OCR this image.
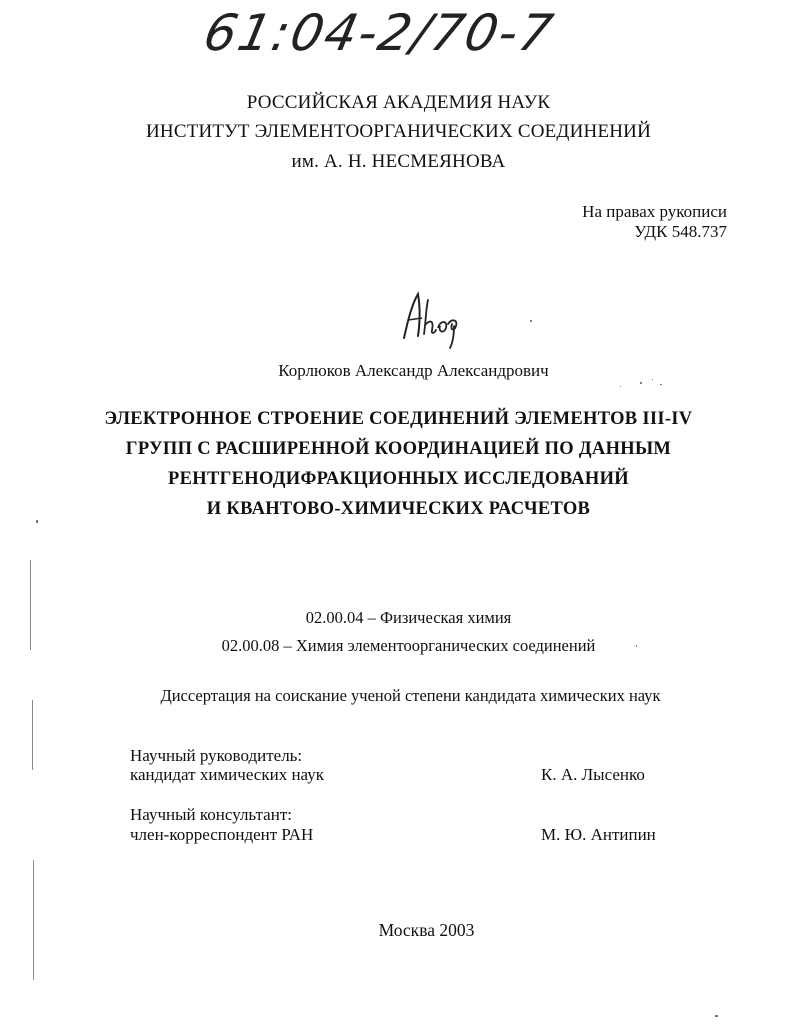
61:04-2/70-7
РОССИЙСКАЯ АКАДЕМИЯ НАУК
ИНСТИТУТ ЭЛЕМЕНТООРГАНИЧЕСКИХ СОЕДИНЕНИЙ
им. А. Н. НЕСМЕЯНОВА
На правах рукописи
УДК 548.737
Корлюков Александр Александрович
ЭЛЕКТРОННОЕ СТРОЕНИЕ СОЕДИНЕНИЙ ЭЛЕМЕНТОВ III-IV
ГРУПП С РАСШИРЕННОЙ КООРДИНАЦИЕЙ ПО ДАННЫМ
РЕНТГЕНОДИФРАКЦИОННЫХ ИССЛЕДОВАНИЙ
И КВАНТОВО-ХИМИЧЕСКИХ РАСЧЕТОВ
02.00.04 – Физическая химия
02.00.08 – Химия элементоорганических соединений
Диссертация на соискание ученой степени кандидата химических наук
Научный руководитель:
кандидат химических наук	К. А. Лысенко
Научный консультант:
член-корреспондент РАН	М. Ю. Антипин
Москва 2003
